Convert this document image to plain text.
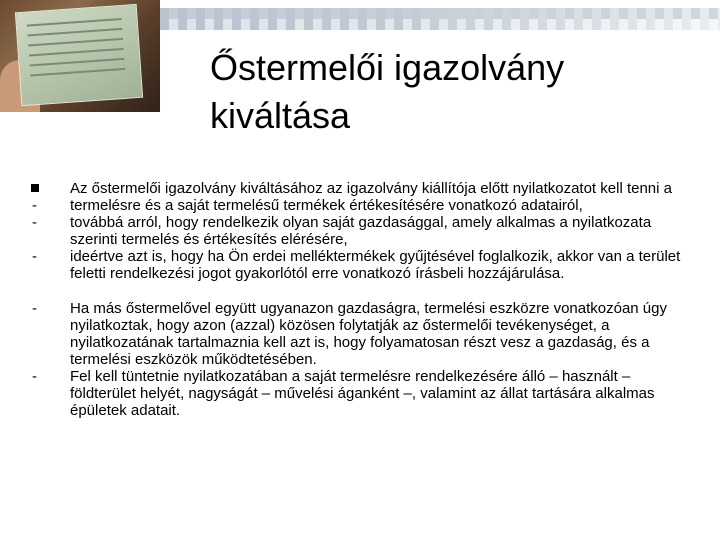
Őstermelői igazolvány
kiváltása
Az őstermelői igazolvány kiváltásához az igazolvány kiállítója előtt nyilatkozatot kell tenni a
-	termelésre és a saját termelésű termékek értékesítésére vonatkozó adatairól,
-	továbbá arról, hogy rendelkezik olyan saját gazdasággal, amely alkalmas a nyilatkozata szerinti termelés és értékesítés elérésére,
-	ideértve azt is, hogy ha Ön erdei melléktermékek gyűjtésével foglalkozik, akkor van a terület feletti rendelkezési jogot gyakorlótól erre vonatkozó írásbeli hozzájárulása.
-	Ha más őstermelővel együtt ugyanazon gazdaságra, termelési eszközre vonatkozóan úgy nyilatkoztak, hogy azon (azzal) közösen folytatják az őstermelői tevékenységet, a nyilatkozatának tartalmaznia kell azt is, hogy folyamatosan részt vesz a gazdaság, és a termelési eszközök működtetésében.
-	Fel kell tüntetnie nyilatkozatában a saját termelésre rendelkezésére álló – használt – földterület helyét, nagyságát – művelési áganként –, valamint az állat tartására alkalmas épületek adatait.
